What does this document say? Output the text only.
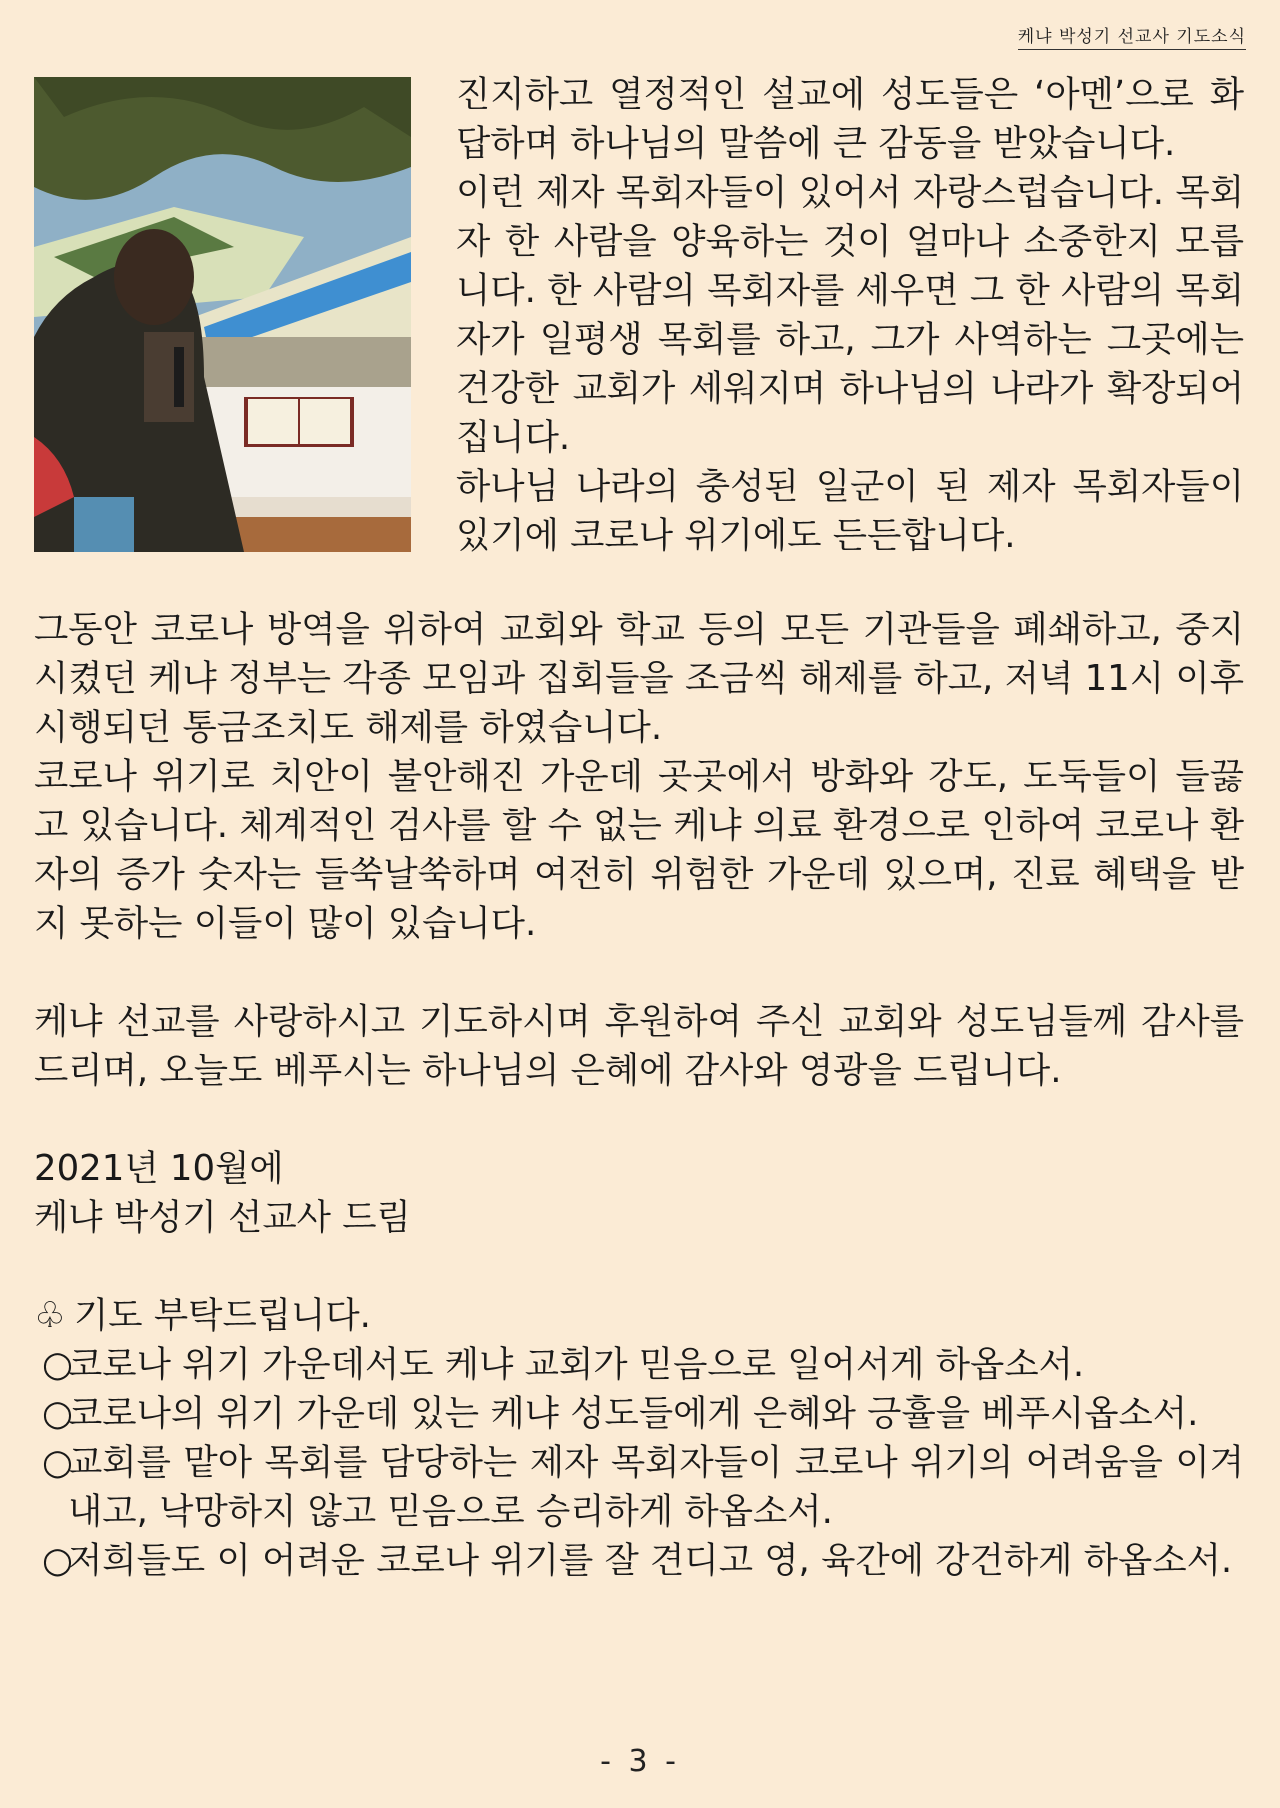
케냐 박성기 선교사 기도소식

진지하고 열정적인 설교에 성도들은 ‘아멘’으로 화답하며 하나님의 말씀에 큰 감동을 받았습니다.

이런 제자 목회자들이 있어서 자랑스럽습니다. 목회자 한 사람을 양육하는 것이 얼마나 소중한지 모릅니다. 한 사람의 목회자를 세우면 그 한 사람의 목회자가 일평생 목회를 하고, 그가 사역하는 그곳에는 건강한 교회가 세워지며 하나님의 나라가 확장되어집니다.

하나님 나라의 충성된 일군이 된 제자 목회자들이 있기에 코로나 위기에도 든든합니다.

그동안 코로나 방역을 위하여 교회와 학교 등의 모든 기관들을 폐쇄하고, 중지시켰던 케냐 정부는 각종 모임과 집회들을 조금씩 해제를 하고, 저녁 11시 이후 시행되던 통금조치도 해제를 하였습니다.

코로나 위기로 치안이 불안해진 가운데 곳곳에서 방화와 강도, 도둑들이 들끓고 있습니다. 체계적인 검사를 할 수 없는 케냐 의료 환경으로 인하여 코로나 환자의 증가 숫자는 들쑥날쑥하며 여전히 위험한 가운데 있으며, 진료 혜택을 받지 못하는 이들이 많이 있습니다.

케냐 선교를 사랑하시고 기도하시며 후원하여 주신 교회와 성도님들께 감사를 드리며, 오늘도 베푸시는 하나님의 은혜에 감사와 영광을 드립니다.

2021년 10월에

케냐 박성기 선교사 드림

♧ 기도 부탁드립니다.

○
코로나 위기 가운데서도 케냐 교회가 믿음으로 일어서게 하옵소서.

○
코로나의 위기 가운데 있는 케냐 성도들에게 은혜와 긍휼을 베푸시옵소서.

○
교회를 맡아 목회를 담당하는 제자 목회자들이 코로나 위기의 어려움을 이겨내고, 낙망하지 않고 믿음으로 승리하게 하옵소서.

○
저희들도 이 어려운 코로나 위기를 잘 견디고 영, 육간에 강건하게 하옵소서.

- 3 -
